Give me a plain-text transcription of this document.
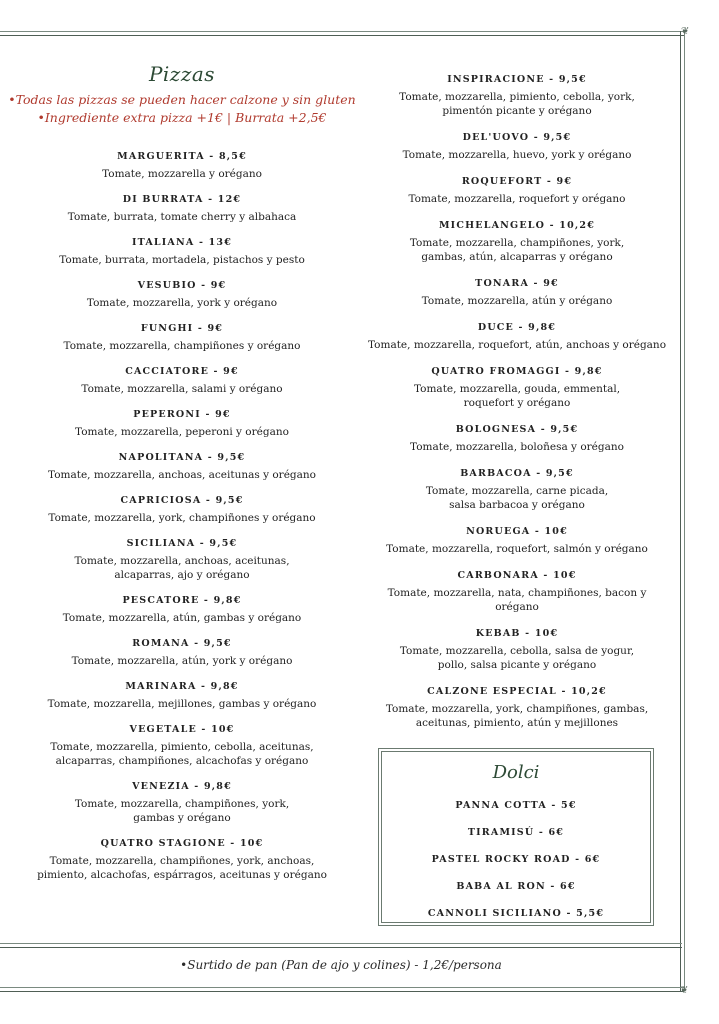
❦
❦
Pizzas
•Todas las pizzas se pueden hacer calzone y sin gluten
•Ingrediente extra pizza +1€ | Burrata +2,5€
MARGUERITA - 8,5€
Tomate, mozzarella y orégano
DI BURRATA - 12€
Tomate, burrata, tomate cherry y albahaca
ITALIANA - 13€
Tomate, burrata, mortadela, pistachos y pesto
VESUBIO - 9€
Tomate, mozzarella, york y orégano
FUNGHI - 9€
Tomate, mozzarella, champiñones y orégano
CACCIATORE - 9€
Tomate, mozzarella, salami y orégano
PEPERONI - 9€
Tomate, mozzarella, peperoni y orégano
NAPOLITANA - 9,5€
Tomate, mozzarella, anchoas, aceitunas y orégano
CAPRICIOSA - 9,5€
Tomate, mozzarella, york, champiñones y orégano
SICILIANA - 9,5€
Tomate, mozzarella, anchoas, aceitunas,
alcaparras, ajo y orégano
PESCATORE - 9,8€
Tomate, mozzarella, atún, gambas y orégano
ROMANA - 9,5€
Tomate, mozzarella, atún, york y orégano
MARINARA - 9,8€
Tomate, mozzarella, mejillones, gambas y orégano
VEGETALE - 10€
Tomate, mozzarella, pimiento, cebolla, aceitunas,
alcaparras, champiñones, alcachofas y orégano
VENEZIA - 9,8€
Tomate, mozzarella, champiñones, york,
gambas y orégano
QUATRO STAGIONE - 10€
Tomate, mozzarella, champiñones, york, anchoas,
pimiento, alcachofas, espárragos, aceitunas y orégano
INSPIRACIONE - 9,5€
Tomate, mozzarella, pimiento, cebolla, york,
pimentón picante y orégano
DEL'UOVO - 9,5€
Tomate, mozzarella, huevo, york y orégano
ROQUEFORT - 9€
Tomate, mozzarella, roquefort y orégano
MICHELANGELO - 10,2€
Tomate, mozzarella, champiñones, york,
gambas, atún, alcaparras y orégano
TONARA - 9€
Tomate, mozzarella, atún y orégano
DUCE - 9,8€
Tomate, mozzarella, roquefort, atún, anchoas y orégano
QUATRO FROMAGGI - 9,8€
Tomate, mozzarella, gouda, emmental,
roquefort y orégano
BOLOGNESA - 9,5€
Tomate, mozzarella, boloñesa y orégano
BARBACOA - 9,5€
Tomate, mozzarella, carne picada,
salsa barbacoa y orégano
NORUEGA - 10€
Tomate, mozzarella, roquefort, salmón y orégano
CARBONARA - 10€
Tomate, mozzarella, nata, champiñones, bacon y orégano
KEBAB - 10€
Tomate, mozzarella, cebolla, salsa de yogur,
pollo, salsa picante y orégano
CALZONE ESPECIAL - 10,2€
Tomate, mozzarella, york, champiñones, gambas,
aceitunas, pimiento, atún y mejillones
Dolci
PANNA COTTA - 5€
TIRAMISÚ - 6€
PASTEL ROCKY ROAD - 6€
BABA AL RON - 6€
CANNOLI SICILIANO - 5,5€
•Surtido de pan (Pan de ajo y colines) - 1,2€/persona
